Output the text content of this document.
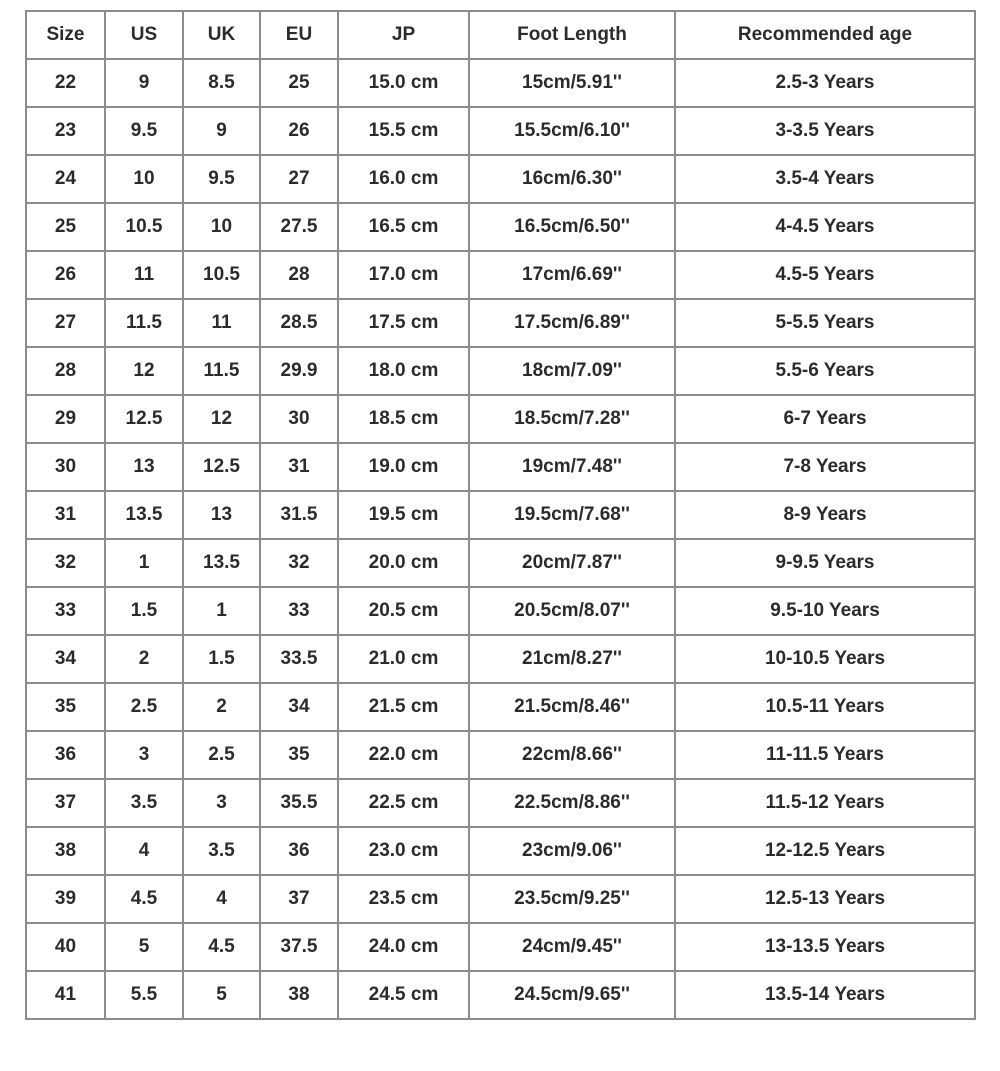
Size	US	UK	EU	JP	Foot Length	Recommended age
22	9	8.5	25	15.0 cm	15cm/5.91''	2.5-3 Years
23	9.5	9	26	15.5 cm	15.5cm/6.10''	3-3.5 Years
24	10	9.5	27	16.0 cm	16cm/6.30''	3.5-4 Years
25	10.5	10	27.5	16.5 cm	16.5cm/6.50''	4-4.5 Years
26	11	10.5	28	17.0 cm	17cm/6.69''	4.5-5 Years
27	11.5	11	28.5	17.5 cm	17.5cm/6.89''	5-5.5 Years
28	12	11.5	29.9	18.0 cm	18cm/7.09''	5.5-6 Years
29	12.5	12	30	18.5 cm	18.5cm/7.28''	6-7 Years
30	13	12.5	31	19.0 cm	19cm/7.48''	7-8 Years
31	13.5	13	31.5	19.5 cm	19.5cm/7.68''	8-9 Years
32	1	13.5	32	20.0 cm	20cm/7.87''	9-9.5 Years
33	1.5	1	33	20.5 cm	20.5cm/8.07''	9.5-10 Years
34	2	1.5	33.5	21.0 cm	21cm/8.27''	10-10.5 Years
35	2.5	2	34	21.5 cm	21.5cm/8.46''	10.5-11 Years
36	3	2.5	35	22.0 cm	22cm/8.66''	11-11.5 Years
37	3.5	3	35.5	22.5 cm	22.5cm/8.86''	11.5-12 Years
38	4	3.5	36	23.0 cm	23cm/9.06''	12-12.5 Years
39	4.5	4	37	23.5 cm	23.5cm/9.25''	12.5-13 Years
40	5	4.5	37.5	24.0 cm	24cm/9.45''	13-13.5 Years
41	5.5	5	38	24.5 cm	24.5cm/9.65''	13.5-14 Years
